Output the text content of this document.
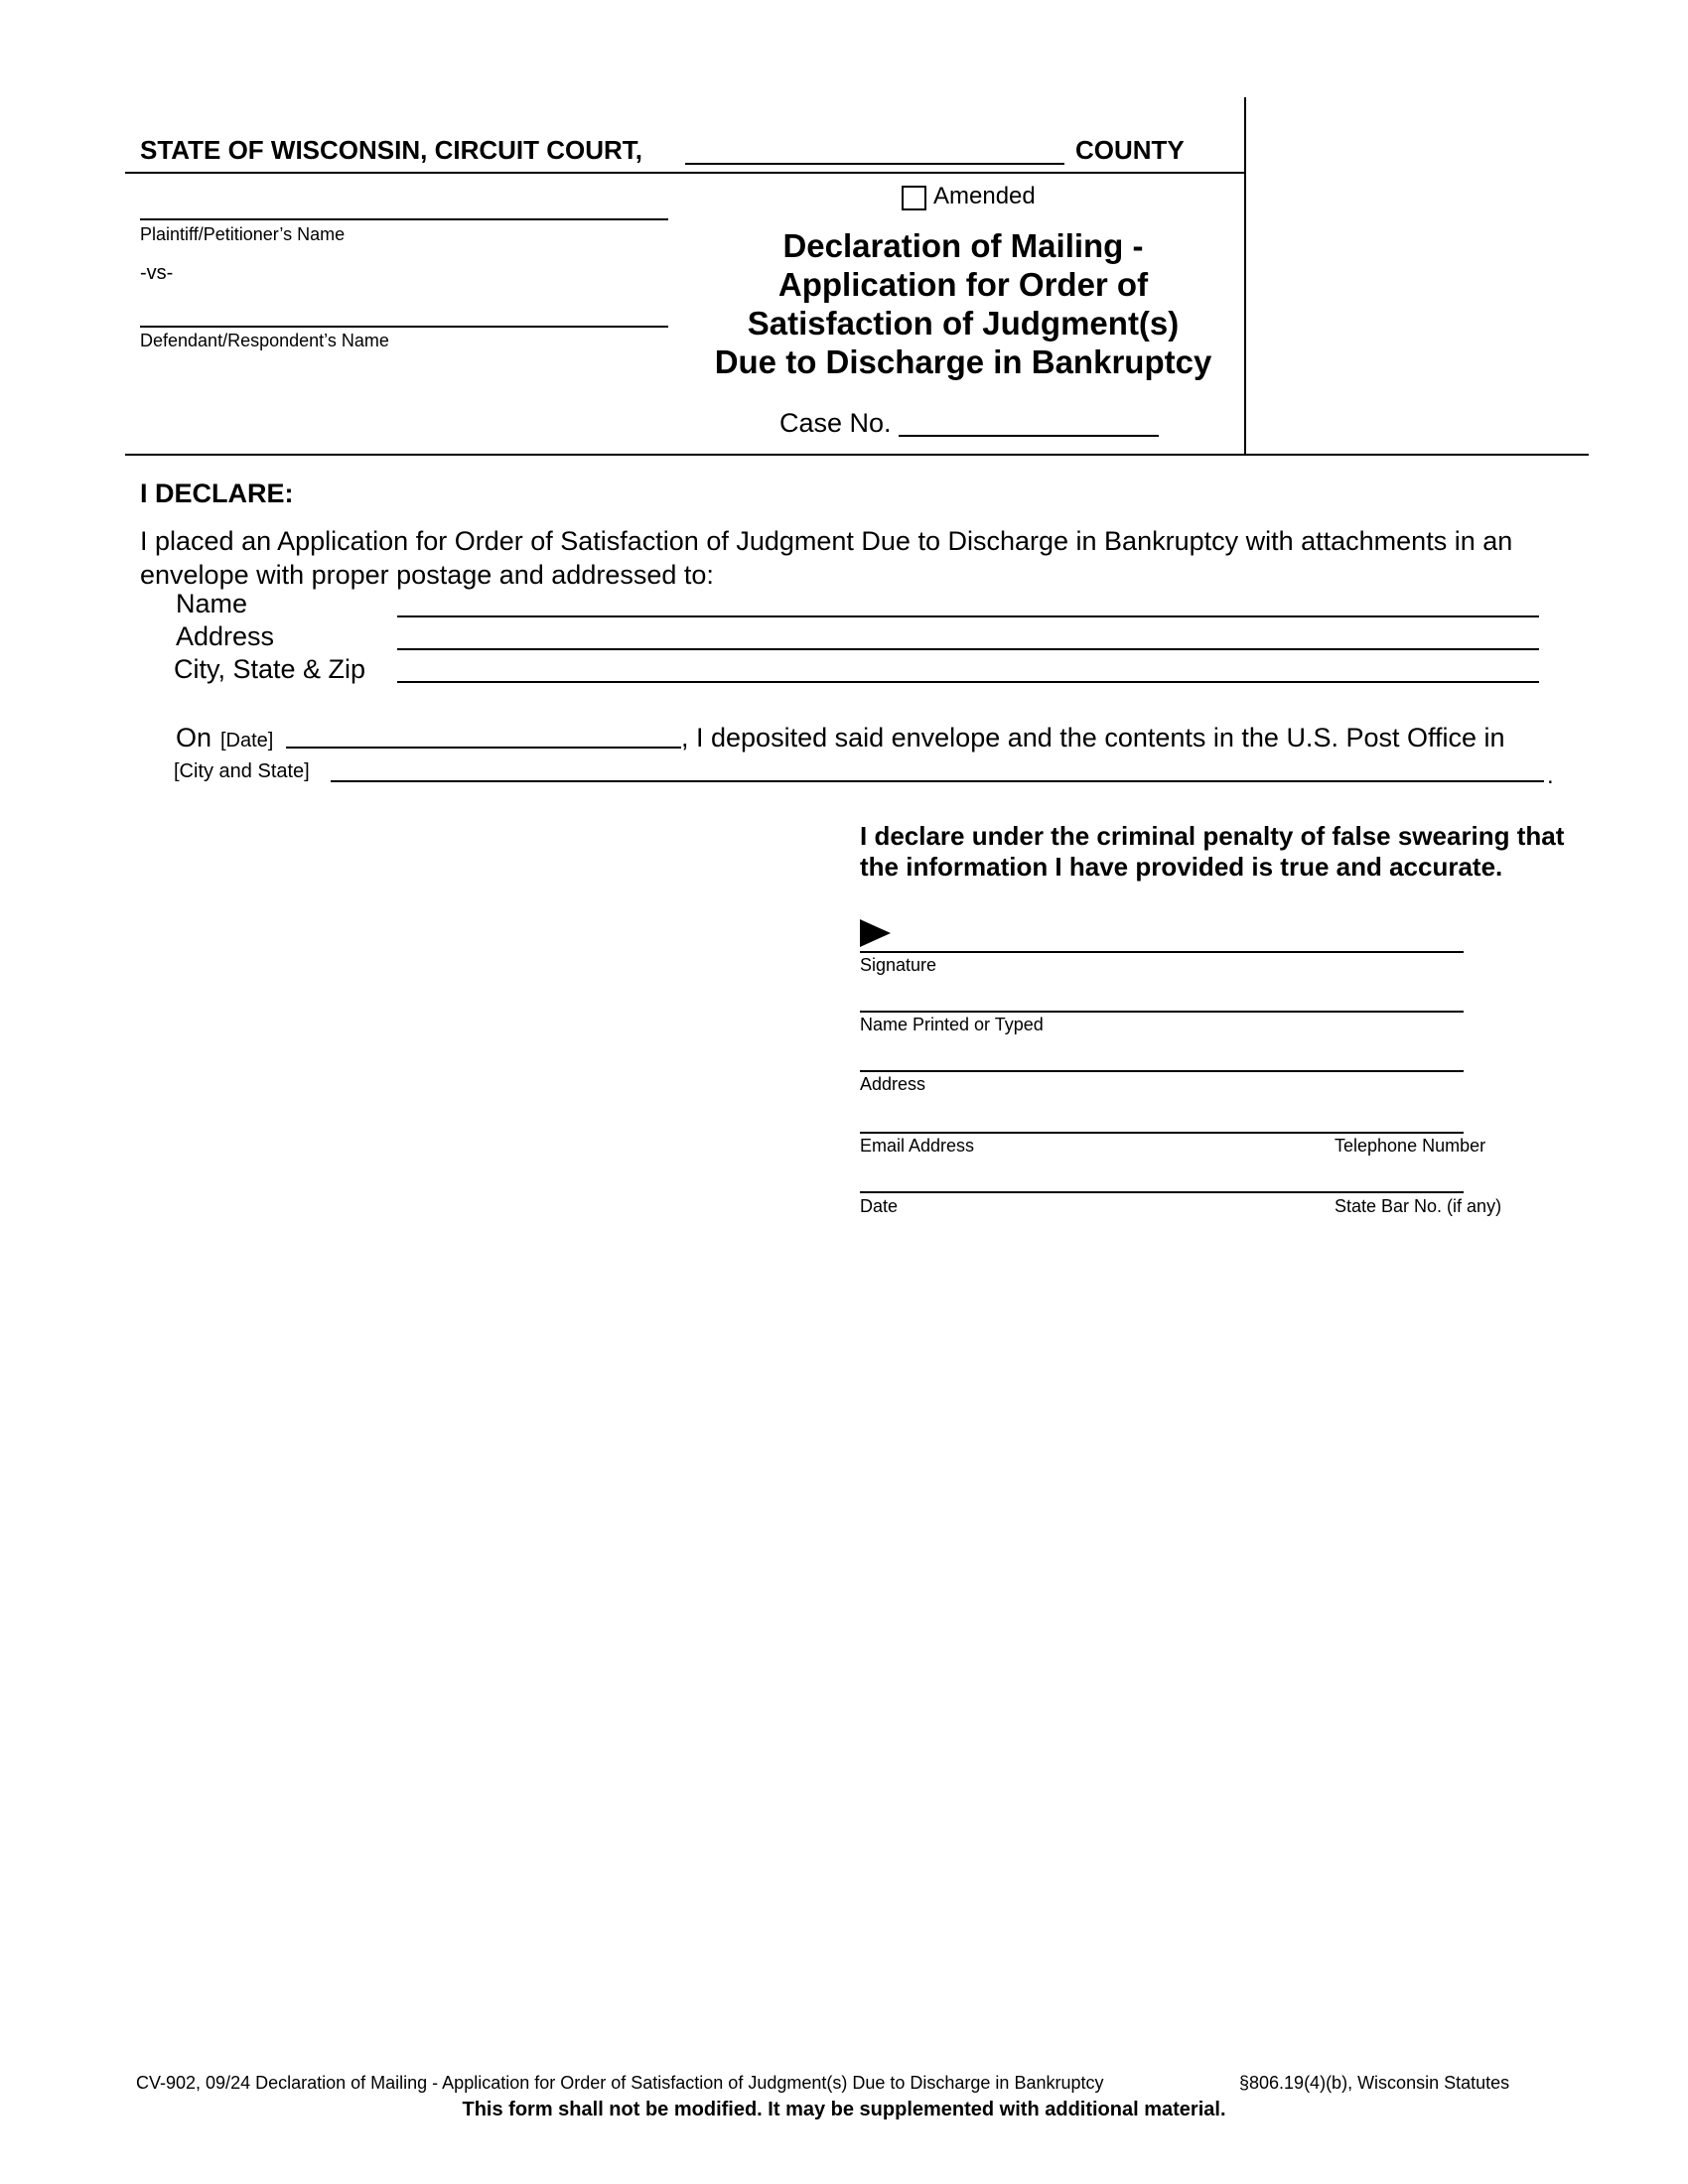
STATE OF WISCONSIN, CIRCUIT COURT,	COUNTY
Plaintiff/Petitioner’s Name
-vs-
Defendant/Respondent’s Name
Amended
Declaration of Mailing -
Application for Order of
Satisfaction of Judgment(s)
Due to Discharge in Bankruptcy
Case No.
I DECLARE:
I placed an Application for Order of Satisfaction of Judgment Due to Discharge in Bankruptcy with attachments in an envelope with proper postage and addressed to:
Name
Address
City, State & Zip
On [Date]	, I deposited said envelope and the contents in the U.S. Post Office in
[City and State]	.
I declare under the criminal penalty of false swearing that the information I have provided is true and accurate.
Signature
Name Printed or Typed
Address
Email Address	Telephone Number
Date	State Bar No. (if any)
CV-902, 09/24 Declaration of Mailing - Application for Order of Satisfaction of Judgment(s) Due to Discharge in Bankruptcy	§806.19(4)(b), Wisconsin Statutes
This form shall not be modified. It may be supplemented with additional material.
